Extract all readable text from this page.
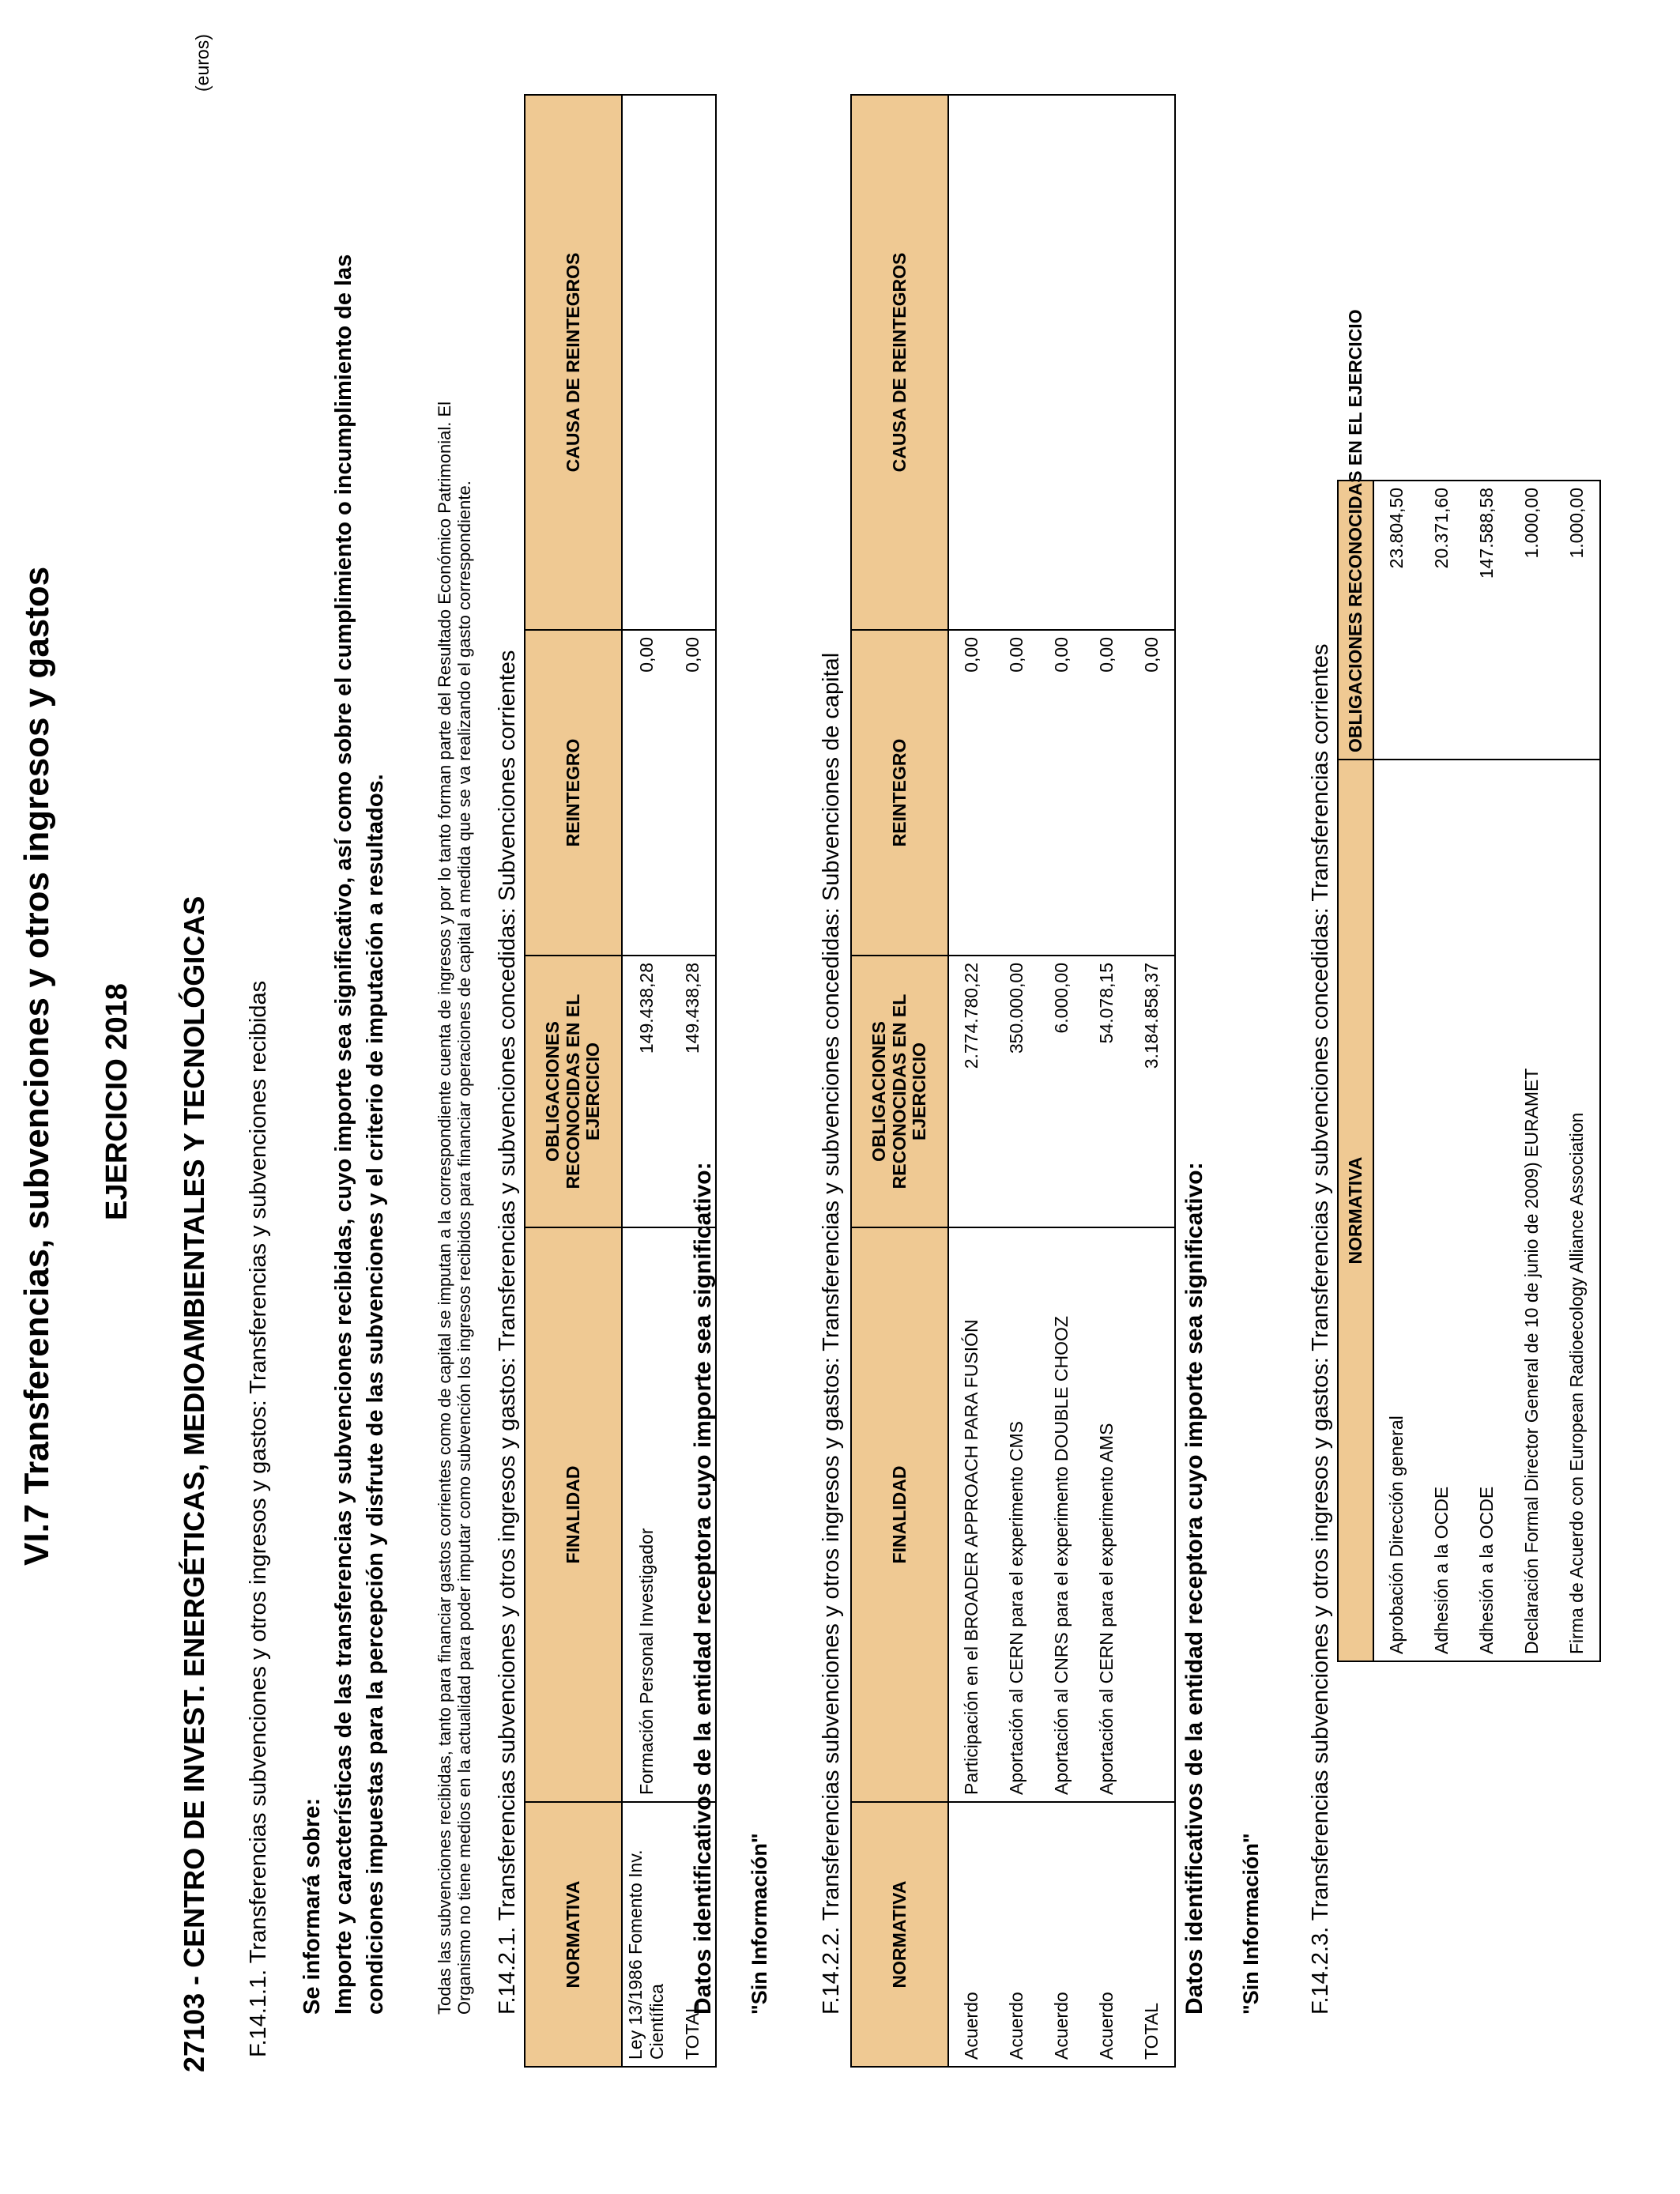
VI.7 Transferencias, subvenciones y otros ingresos y gastos EJERCICIO 2018 27103 - CENTRO DE INVEST. ENERGÉTICAS, MEDIOAMBIENTALES Y TECNOLÓGICAS
(euros)
F.14.1.1. Transferencias subvenciones y otros ingresos y gastos: Transferencias y subvenciones recibidas Se informará sobre: Importe y características de las transferencias y subvenciones recibidas, cuyo importe sea significativo, así como sobre el cumplimiento o incumplimiento de las condiciones impuestas para la percepción y disfrute de las subvenciones y el criterio de imputación a resultados.	Todas las subvenciones recibidas, tanto para financiar gastos corrientes como de capital se imputan a la correspondiente cuenta de ingresos y por lo tanto forman parte del Resultado Económico Patrimonial. El Organismo no tiene medios en la actualidad para poder imputar como subvención los ingresos recibidos para financiar operaciones de capital a medida que se va realizando el gasto correspondiente. F.14.2.1. Transferencias subvenciones y otros ingresos y gastos: Transferencias y subvenciones concedidas: Subvenciones corrientes NORMATIVA	FINALIDAD	OBLIGACIONES RECONOCIDAS EN EL EJERCICIO	REINTEGRO	CAUSA DE REINTEGROS
Ley 13/1986 Fomento Inv. Científica	Formación Personal Investigador	149.438,28	0,00	
TOTAL		149.438,28	0,00	
Datos identificativos de la entidad receptora cuyo importe sea significativo: "Sin Información" F.14.2.2. Transferencias subvenciones y otros ingresos y gastos: Transferencias y subvenciones concedidas: Subvenciones de capital NORMATIVA	FINALIDAD	OBLIGACIONES RECONOCIDAS EN EL EJERCICIO	REINTEGRO	CAUSA DE REINTEGROS
Acuerdo	Participación en el BROADER APPROACH PARA FUSIÓN	2.774.780,22	0,00	
Acuerdo	Aportación al CERN para el experimento CMS	350.000,00	0,00	
Acuerdo	Aportación al CNRS para el experimento DOUBLE CHOOZ	6.000,00	0,00	
Acuerdo	Aportación al CERN para el experimento AMS	54.078,15	0,00	
TOTAL		3.184.858,37	0,00	
Datos identificativos de la entidad receptora cuyo importe sea significativo: "Sin Información" F.14.2.3. Transferencias subvenciones y otros ingresos y gastos: Transferencias y subvenciones concedidas: Transferencias corrientes NORMATIVA	OBLIGACIONES RECONOCIDAS EN EL EJERCICIO
Aprobación Dirección general	23.804,50
Adhesión a la OCDE	20.371,60
Adhesión a la OCDE	147.588,58
Declaración Formal Director General de 10 de junio de 2009) EURAMET	1.000,00
Firma de Acuerdo con European Radioecology Alliance Association	1.000,00
